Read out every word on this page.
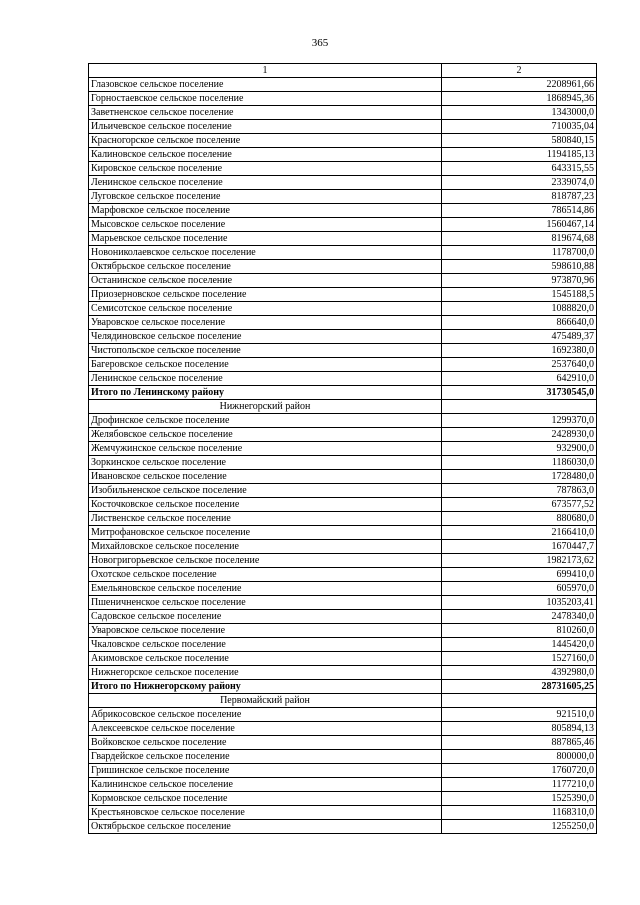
365
1	2
Глазовское сельское поселение	2208961,66
Горностаевское сельское поселение	1868945,36
Заветненское сельское поселение	1343000,0
Ильичевское сельское поселение	710035,04
Красногорское сельское поселение	580840,15
Калиновское сельское поселение	1194185,13
Кировское сельское поселение	643315,55
Ленинское сельское поселение	2339074,0
Луговское сельское поселение	818787,23
Марфовское сельское поселение	786514,86
Мысовское сельское поселение	1560467,14
Марьевское сельское поселение	819674,68
Новониколаевское сельское поселение	1178700,0
Октябрьское сельское поселение	598610,88
Останинское сельское поселение	973870,96
Приозерновское сельское поселение	1545188,5
Семисотское сельское поселение	1088820,0
Уваровское сельское поселение	866640,0
Челядиновское сельское поселение	475489,37
Чистопольское сельское поселение	1692380,0
Багеровское сельское поселение	2537640,0
Ленинское сельское поселение	642910,0
Итого по Ленинскому району	31730545,0
Нижнегорский район	
Дрофинское сельское поселение	1299370,0
Желябовское сельское поселение	2428930,0
Жемчужинское сельское поселение	932900,0
Зоркинское сельское поселение	1186030,0
Ивановское сельское поселение	1728480,0
Изобильненское сельское поселение	787863,0
Косточковское сельское поселение	673577,52
Лиственское сельское поселение	880680,0
Митрофановское сельское поселение	2166410,0
Михайловское сельское поселение	1670447,7
Новогригорьевское сельское поселение	1982173,62
Охотское сельское поселение	699410,0
Емельяновское сельское поселение	605970,0
Пшеничненское сельское поселение	1035203,41
Садовское сельское поселение	2478340,0
Уваровское сельское поселение	810260,0
Чкаловское сельское поселение	1445420,0
Акимовское сельское поселение	1527160,0
Нижнегорское сельское поселение	4392980,0
Итого по Нижнегорскому району	28731605,25
Первомайский район	
Абрикосовское сельское поселение	921510,0
Алексеевское сельское поселение	805894,13
Войковское сельское поселение	887865,46
Гвардейское сельское поселение	800000,0
Гришинское сельское поселение	1760720,0
Калининское сельское поселение	1177210,0
Кормовское сельское поселение	1525390,0
Крестьяновское сельское поселение	1168310,0
Октябрьское сельское поселение	1255250,0
